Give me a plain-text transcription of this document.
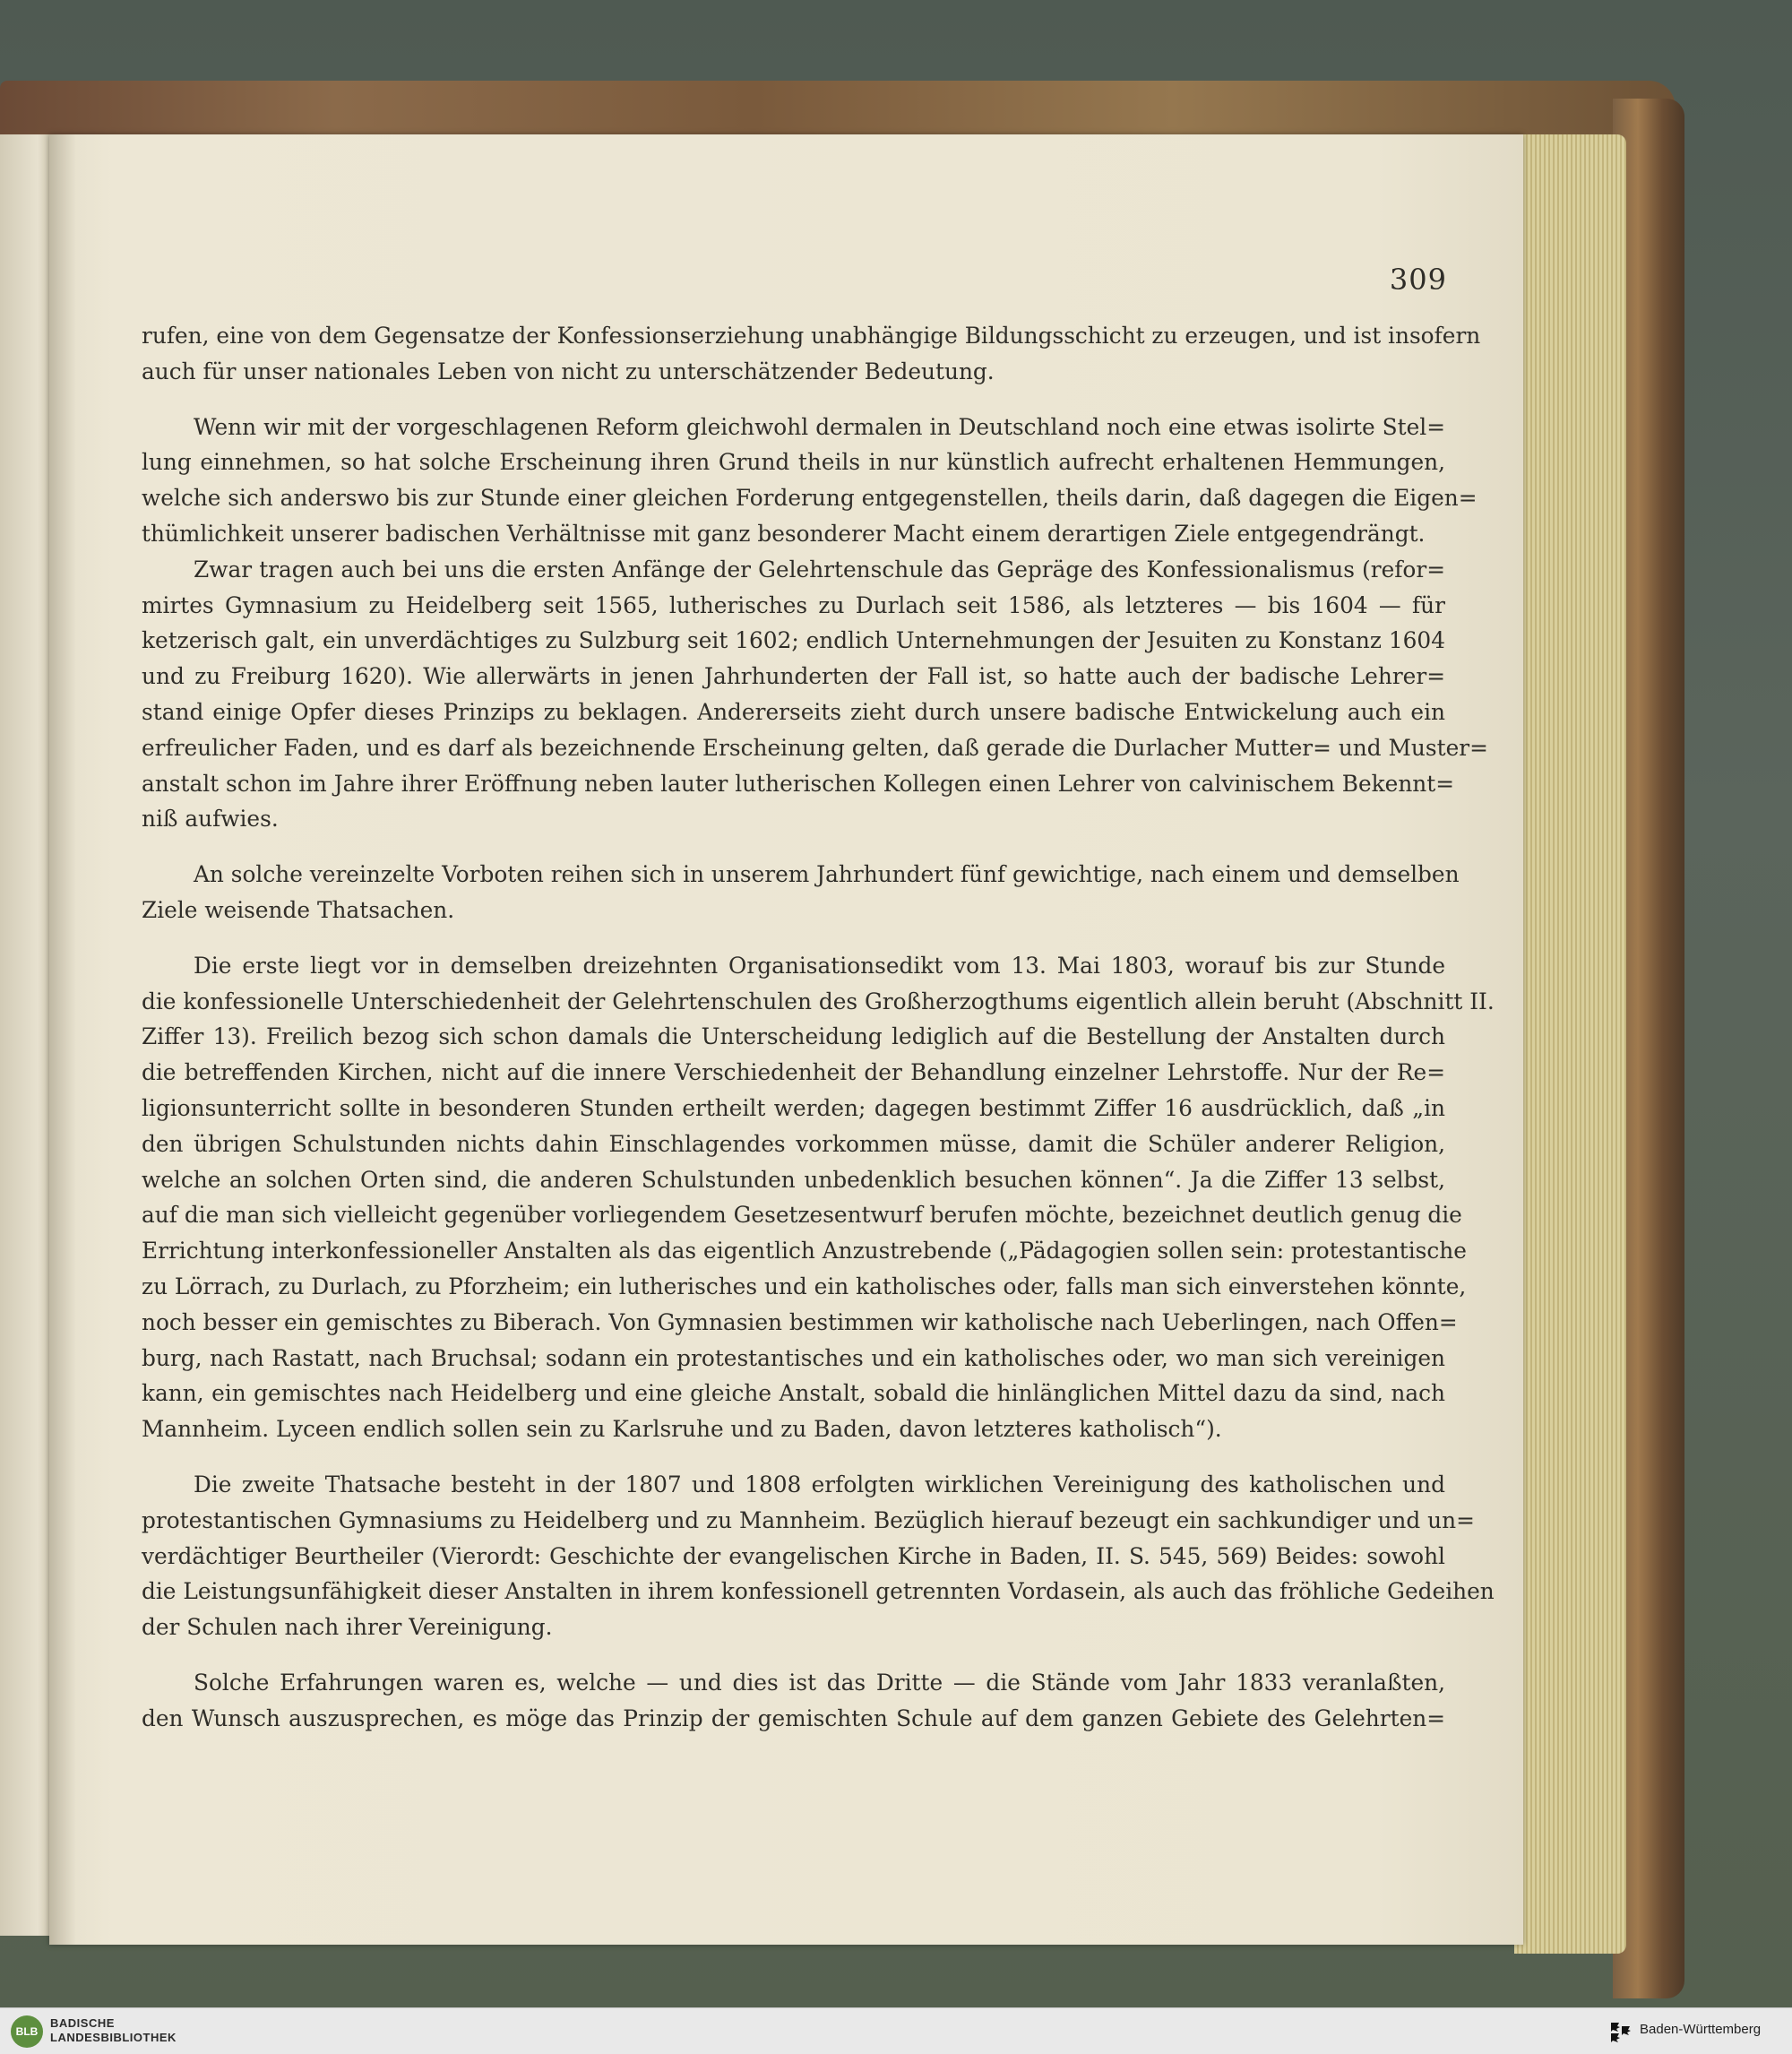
309
rufen, eine von dem Gegensatze der Konfessionserziehung unabhängige Bildungsschicht zu erzeugen, und ist insofern
auch für unser nationales Leben von nicht zu unterschätzender Bedeutung.
Wenn wir mit der vorgeschlagenen Reform gleichwohl dermalen in Deutschland noch eine etwas isolirte Stel=
lung einnehmen, so hat solche Erscheinung ihren Grund theils in nur künstlich aufrecht erhaltenen Hemmungen,
welche sich anderswo bis zur Stunde einer gleichen Forderung entgegenstellen, theils darin, daß dagegen die Eigen=
thümlichkeit unserer badischen Verhältnisse mit ganz besonderer Macht einem derartigen Ziele entgegendrängt.
Zwar tragen auch bei uns die ersten Anfänge der Gelehrtenschule das Gepräge des Konfessionalismus (refor=
mirtes Gymnasium zu Heidelberg seit 1565, lutherisches zu Durlach seit 1586, als letzteres — bis 1604 — für
ketzerisch galt, ein unverdächtiges zu Sulzburg seit 1602; endlich Unternehmungen der Jesuiten zu Konstanz 1604
und zu Freiburg 1620). Wie allerwärts in jenen Jahrhunderten der Fall ist, so hatte auch der badische Lehrer=
stand einige Opfer dieses Prinzips zu beklagen. Andererseits zieht durch unsere badische Entwickelung auch ein
erfreulicher Faden, und es darf als bezeichnende Erscheinung gelten, daß gerade die Durlacher Mutter= und Muster=
anstalt schon im Jahre ihrer Eröffnung neben lauter lutherischen Kollegen einen Lehrer von calvinischem Bekennt=
niß aufwies.
An solche vereinzelte Vorboten reihen sich in unserem Jahrhundert fünf gewichtige, nach einem und demselben
Ziele weisende Thatsachen.
Die erste liegt vor in demselben dreizehnten Organisationsedikt vom 13. Mai 1803, worauf bis zur Stunde
die konfessionelle Unterschiedenheit der Gelehrtenschulen des Großherzogthums eigentlich allein beruht (Abschnitt II.
Ziffer 13). Freilich bezog sich schon damals die Unterscheidung lediglich auf die Bestellung der Anstalten durch
die betreffenden Kirchen, nicht auf die innere Verschiedenheit der Behandlung einzelner Lehrstoffe. Nur der Re=
ligionsunterricht sollte in besonderen Stunden ertheilt werden; dagegen bestimmt Ziffer 16 ausdrücklich, daß „in
den übrigen Schulstunden nichts dahin Einschlagendes vorkommen müsse, damit die Schüler anderer Religion,
welche an solchen Orten sind, die anderen Schulstunden unbedenklich besuchen können“. Ja die Ziffer 13 selbst,
auf die man sich vielleicht gegenüber vorliegendem Gesetzesentwurf berufen möchte, bezeichnet deutlich genug die
Errichtung interkonfessioneller Anstalten als das eigentlich Anzustrebende („Pädagogien sollen sein: protestantische
zu Lörrach, zu Durlach, zu Pforzheim; ein lutherisches und ein katholisches oder, falls man sich einverstehen könnte,
noch besser ein gemischtes zu Biberach. Von Gymnasien bestimmen wir katholische nach Ueberlingen, nach Offen=
burg, nach Rastatt, nach Bruchsal; sodann ein protestantisches und ein katholisches oder, wo man sich vereinigen
kann, ein gemischtes nach Heidelberg und eine gleiche Anstalt, sobald die hinlänglichen Mittel dazu da sind, nach
Mannheim. Lyceen endlich sollen sein zu Karlsruhe und zu Baden, davon letzteres katholisch“).
Die zweite Thatsache besteht in der 1807 und 1808 erfolgten wirklichen Vereinigung des katholischen und
protestantischen Gymnasiums zu Heidelberg und zu Mannheim. Bezüglich hierauf bezeugt ein sachkundiger und un=
verdächtiger Beurtheiler (Vierordt: Geschichte der evangelischen Kirche in Baden, II. S. 545, 569) Beides: sowohl
die Leistungsunfähigkeit dieser Anstalten in ihrem konfessionell getrennten Vordasein, als auch das fröhliche Gedeihen
der Schulen nach ihrer Vereinigung.
Solche Erfahrungen waren es, welche — und dies ist das Dritte — die Stände vom Jahr 1833 veranlaßten,
den Wunsch auszusprechen, es möge das Prinzip der gemischten Schule auf dem ganzen Gebiete des Gelehrten=
BLB
BADISCHE
LANDESBIBLIOTHEK
Baden-Württemberg
